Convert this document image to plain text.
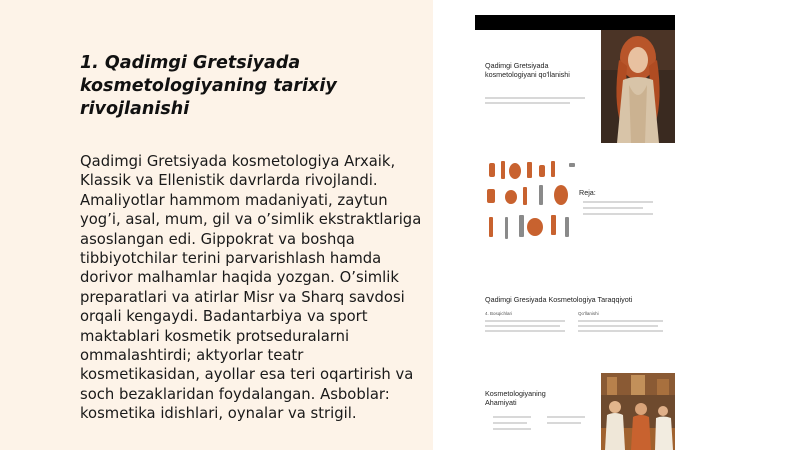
1. Qadimgi Gretsiyada kosmetologiyaning tarixiy rivojlanishi

Qadimgi Gretsiyada kosmetologiya Arxaik, Klassik va Ellenistik davrlarda rivojlandi. Amaliyotlar hammom madaniyati, zaytun yog’i, asal, mum, gil va o’simlik ekstraktlariga asoslangan edi. Gippokrat va boshqa tibbiyotchilar terini parvarishlash hamda dorivor malhamlar haqida yozgan. O’simlik preparatlari va atirlar Misr va Sharq savdosi orqali kengaydi. Badantarbiya va sport maktablari kosmetik protseduralarni ommalashtirdi; aktyorlar teatr kosmetikasidan, ayollar esa teri oqartirish va soch bezaklaridan foydalangan. Asboblar: kosmetika idishlari, oynalar va strigil.

Qadimgi Gretsiyada kosmetologiyani qo'llanishi

Reja:

Qadimgi Gresiyada Kosmetologiya Taraqqiyoti

4. Bosqichlari	Qo'llanishi

Kosmetologiyaning Ahamiyati
